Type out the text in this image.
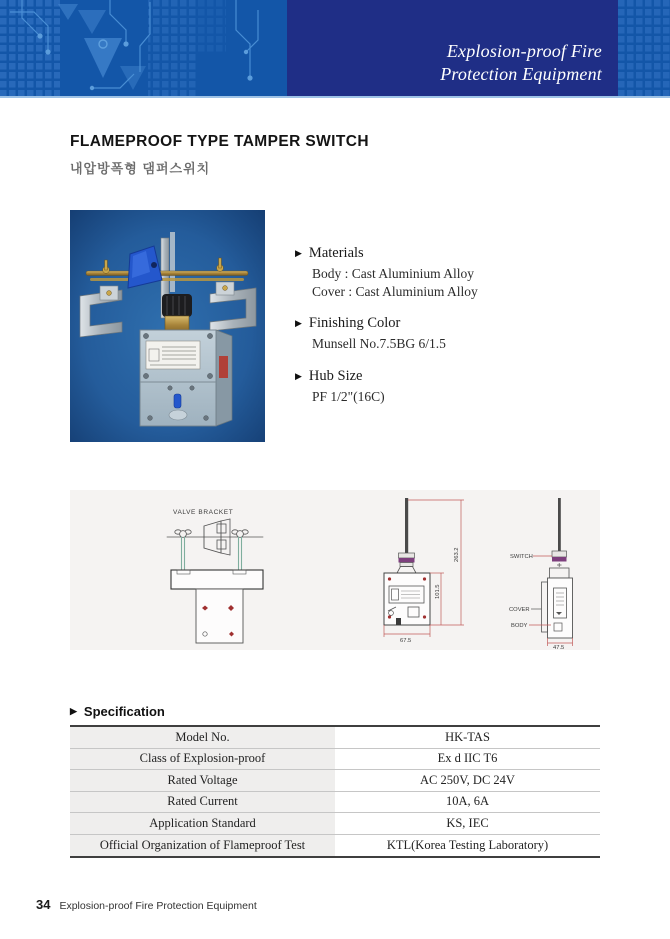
Explosion-proof Fire
Protection Equipment
FLAMEPROOF TYPE TAMPER SWITCH
내압방폭형 댐퍼스위치
▶ Materials
Body : Cast Aluminium Alloy
Cover : Cast Aluminium Alloy
▶ Finishing Color
Munsell No.7.5BG 6/1.5
▶ Hub Size
PF 1/2"(16C)
VALVE BRACKET
263.2
101.5
67.5
SWITCH
COVER
BODY
47.5
▶ Specification
Model No.	HK-TAS
Class of Explosion-proof	Ex d IIC T6
Rated Voltage	AC 250V, DC 24V
Rated Current	10A, 6A
Application Standard	KS, IEC
Official Organization of Flameproof Test	KTL(Korea Testing Laboratory)
34 Explosion-proof Fire Protection Equipment
